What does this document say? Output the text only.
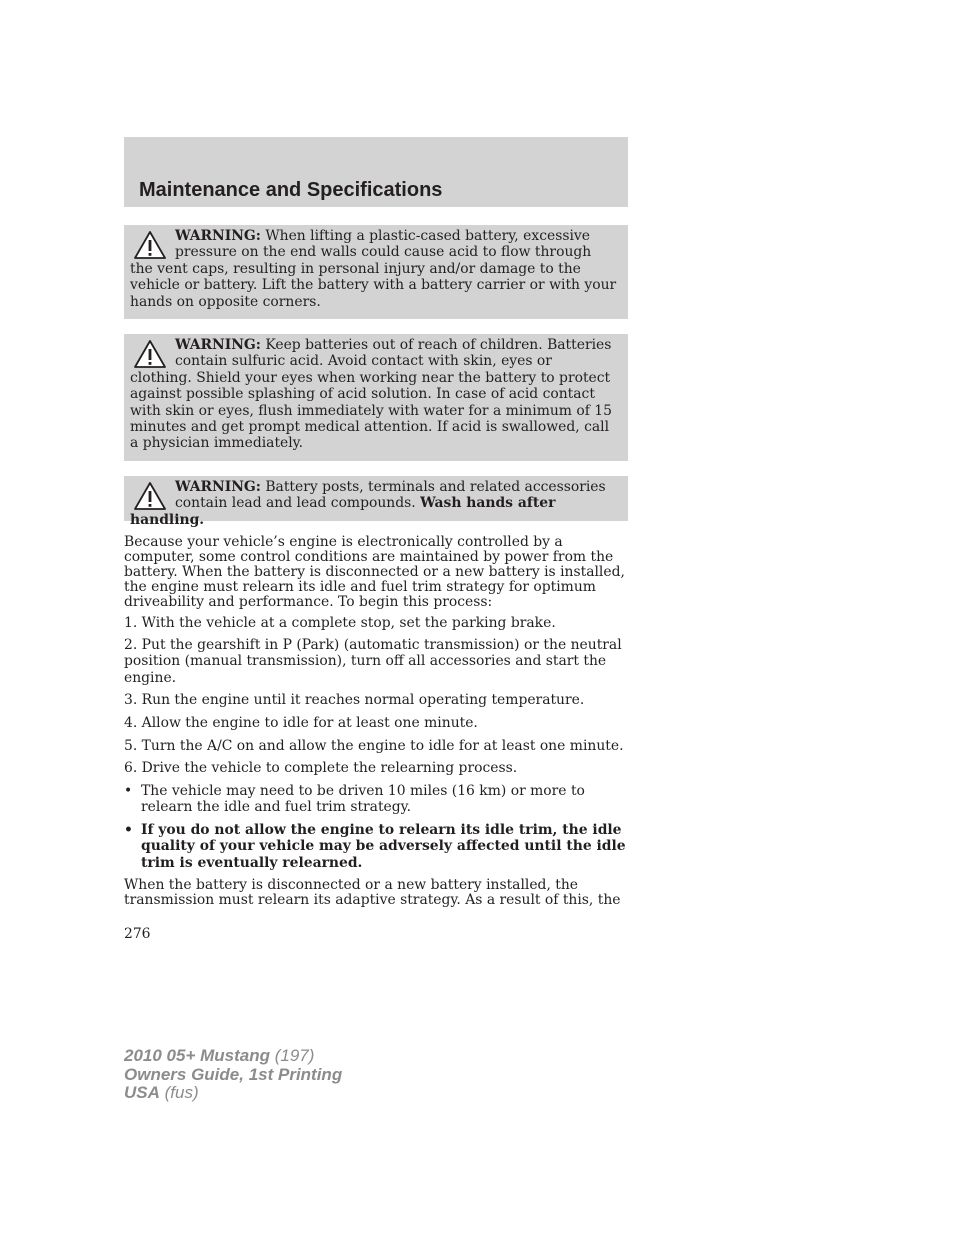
Maintenance and Specifications
WARNING: When lifting a plastic-cased battery, excessive pressure on the end walls could cause acid to flow through the vent caps, resulting in personal injury and/or damage to the vehicle or battery. Lift the battery with a battery carrier or with your hands on opposite corners.
WARNING: Keep batteries out of reach of children. Batteries contain sulfuric acid. Avoid contact with skin, eyes or clothing. Shield your eyes when working near the battery to protect against possible splashing of acid solution. In case of acid contact with skin or eyes, flush immediately with water for a minimum of 15 minutes and get prompt medical attention. If acid is swallowed, call a physician immediately.
WARNING: Battery posts, terminals and related accessories contain lead and lead compounds. Wash hands after handling.
Because your vehicle’s engine is electronically controlled by a computer, some control conditions are maintained by power from the battery. When the battery is disconnected or a new battery is installed, the engine must relearn its idle and fuel trim strategy for optimum driveability and performance. To begin this process:
1. With the vehicle at a complete stop, set the parking brake.
2. Put the gearshift in P (Park) (automatic transmission) or the neutral position (manual transmission), turn off all accessories and start the engine.
3. Run the engine until it reaches normal operating temperature.
4. Allow the engine to idle for at least one minute.
5. Turn the A/C on and allow the engine to idle for at least one minute.
6. Drive the vehicle to complete the relearning process.
• The vehicle may need to be driven 10 miles (16 km) or more to relearn the idle and fuel trim strategy.
• If you do not allow the engine to relearn its idle trim, the idle quality of your vehicle may be adversely affected until the idle trim is eventually relearned.
When the battery is disconnected or a new battery installed, the transmission must relearn its adaptive strategy. As a result of this, the
276
2010 05+ Mustang (197)
Owners Guide, 1st Printing
USA (fus)
